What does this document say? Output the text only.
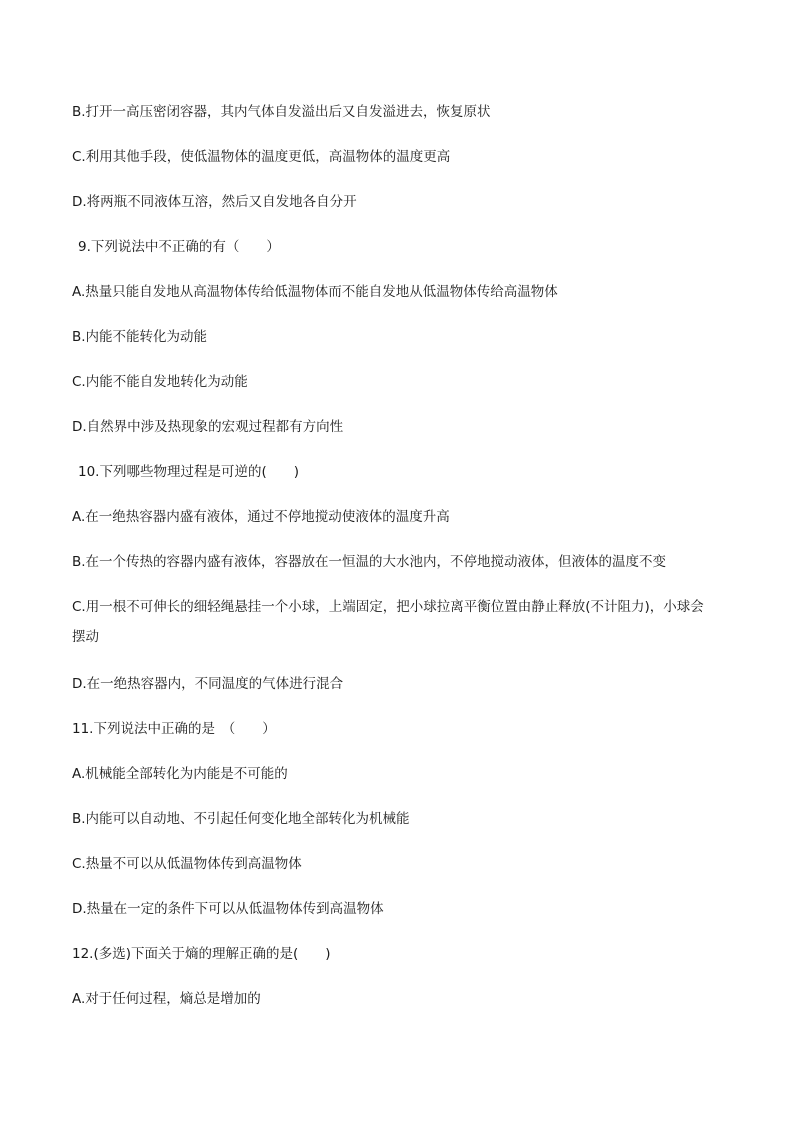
B.打开一高压密闭容器，其内气体自发溢出后又自发溢进去，恢复原状
C.利用其他手段，使低温物体的温度更低，高温物体的温度更高
D.将两瓶不同液体互溶，然后又自发地各自分开
9.下列说法中不正确的有（　　）
A.热量只能自发地从高温物体传给低温物体而不能自发地从低温物体传给高温物体
B.内能不能转化为动能
C.内能不能自发地转化为动能
D.自然界中涉及热现象的宏观过程都有方向性
10.下列哪些物理过程是可逆的(　　)
A.在一绝热容器内盛有液体，通过不停地搅动使液体的温度升高
B.在一个传热的容器内盛有液体，容器放在一恒温的大水池内，不停地搅动液体，但液体的温度不变
C.用一根不可伸长的细轻绳悬挂一个小球，上端固定，把小球拉离平衡位置由静止释放(不计阻力)，小球会
摆动
D.在一绝热容器内，不同温度的气体进行混合
11.下列说法中正确的是　（　　）
A.机械能全部转化为内能是不可能的
B.内能可以自动地、不引起任何变化地全部转化为机械能
C.热量不可以从低温物体传到高温物体
D.热量在一定的条件下可以从低温物体传到高温物体
12.(多选)下面关于熵的理解正确的是(　　)
A.对于任何过程，熵总是增加的
